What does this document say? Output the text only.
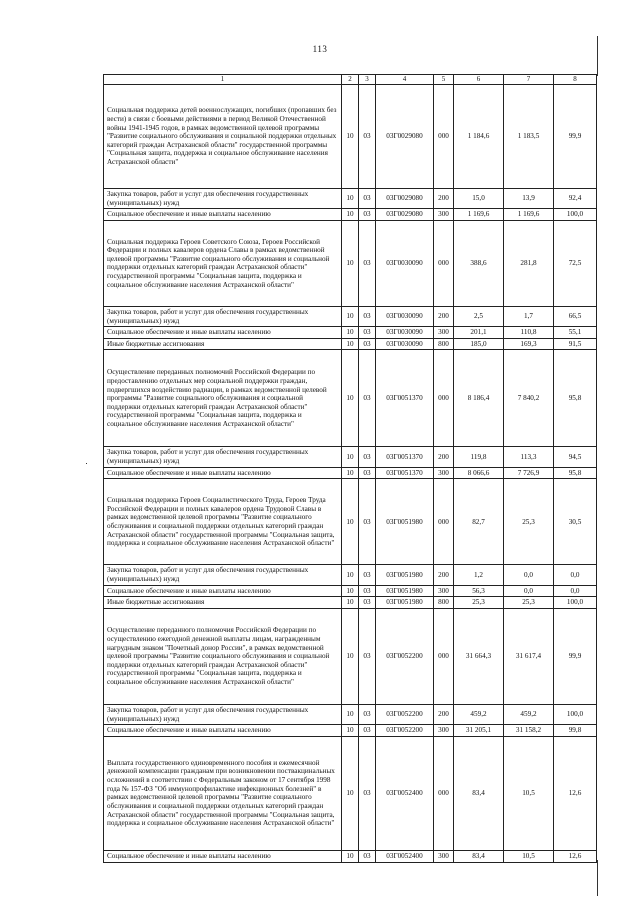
113
1	2	3	4	5	6	7	8
Социальная поддержка детей военнослужащих, погибших (пропавших без вести) в связи с боевыми действиями в период Великой Отечественной войны 1941-1945 годов, в рамках ведомственной целевой программы "Развитие социального обслуживания и социальной поддержки отдельных категорий граждан Астраханской области" государственной программы "Социальная защита, поддержка и социальное обслуживание населения Астраханской области"	10	03	03Г0029080	000	1 184,6	1 183,5	99,9
Закупка товаров, работ и услуг для обеспечения государственных (муниципальных) нужд	10	03	03Г0029080	200	15,0	13,9	92,4
Социальное обеспечение и иные выплаты населению	10	03	03Г0029080	300	1 169,6	1 169,6	100,0
Социальная поддержка Героев Советского Союза, Героев Российской Федерации и полных кавалеров ордена Славы в рамках ведомственной целевой программы "Развитие социального обслуживания и социальной поддержки отдельных категорий граждан Астраханской области" государственной программы "Социальная защита, поддержка и социальное обслуживание населения Астраханской области"	10	03	03Г0030090	000	388,6	281,8	72,5
Закупка товаров, работ и услуг для обеспечения государственных (муниципальных) нужд	10	03	03Г0030090	200	2,5	1,7	66,5
Социальное обеспечение и иные выплаты населению	10	03	03Г0030090	300	201,1	110,8	55,1
Иные бюджетные ассигнования	10	03	03Г0030090	800	185,0	169,3	91,5
Осуществление переданных полномочий Российской Федерации по предоставлению отдельных мер социальной поддержки граждан, подвергшихся воздействию радиации, в рамках ведомственной целевой программы "Развитие социального обслуживания и социальной поддержки отдельных категорий граждан Астраханской области" государственной программы "Социальная защита, поддержка и социальное обслуживание населения Астраханской области"	10	03	03Г0051370	000	8 186,4	7 840,2	95,8
Закупка товаров, работ и услуг для обеспечения государственных (муниципальных) нужд	10	03	03Г0051370	200	119,8	113,3	94,5
Социальное обеспечение и иные выплаты населению	10	03	03Г0051370	300	8 066,6	7 726,9	95,8
Социальная поддержка Героев Социалистического Труда, Героев Труда Российской Федерации и полных кавалеров ордена Трудовой Славы в рамках ведомственной целевой программы "Развитие социального обслуживания и социальной поддержки отдельных категорий граждан Астраханской области" государственной программы "Социальная защита, поддержка и социальное обслуживание населения Астраханской области"	10	03	03Г0051980	000	82,7	25,3	30,5
Закупка товаров, работ и услуг для обеспечения государственных (муниципальных) нужд	10	03	03Г0051980	200	1,2	0,0	0,0
Социальное обеспечение и иные выплаты населению	10	03	03Г0051980	300	56,3	0,0	0,0
Иные бюджетные ассигнования	10	03	03Г0051980	800	25,3	25,3	100,0
Осуществление переданного полномочия Российской Федерации по осуществлению ежегодной денежной выплаты лицам, награжденным нагрудным знаком "Почетный донор России", в рамках ведомственной целевой программы "Развитие социального обслуживания и социальной поддержки отдельных категорий граждан Астраханской области" государственной программы "Социальная защита, поддержка и социальное обслуживание населения Астраханской области"	10	03	03Г0052200	000	31 664,3	31 617,4	99,9
Закупка товаров, работ и услуг для обеспечения государственных (муниципальных) нужд	10	03	03Г0052200	200	459,2	459,2	100,0
Социальное обеспечение и иные выплаты населению	10	03	03Г0052200	300	31 205,1	31 158,2	99,8
Выплата государственного единовременного пособия и ежемесячной денежной компенсации гражданам при возникновении поствакцинальных осложнений в соответствии с Федеральным законом от 17 сентября 1998 года № 157-ФЗ "Об иммунопрофилактике инфекционных болезней" в рамках ведомственной целевой программы "Развитие социального обслуживания и социальной поддержки отдельных категорий граждан Астраханской области" государственной программы "Социальная защита, поддержка и социальное обслуживание населения Астраханской области"	10	03	03Г0052400	000	83,4	10,5	12,6
Социальное обеспечение и иные выплаты населению	10	03	03Г0052400	300	83,4	10,5	12,6
